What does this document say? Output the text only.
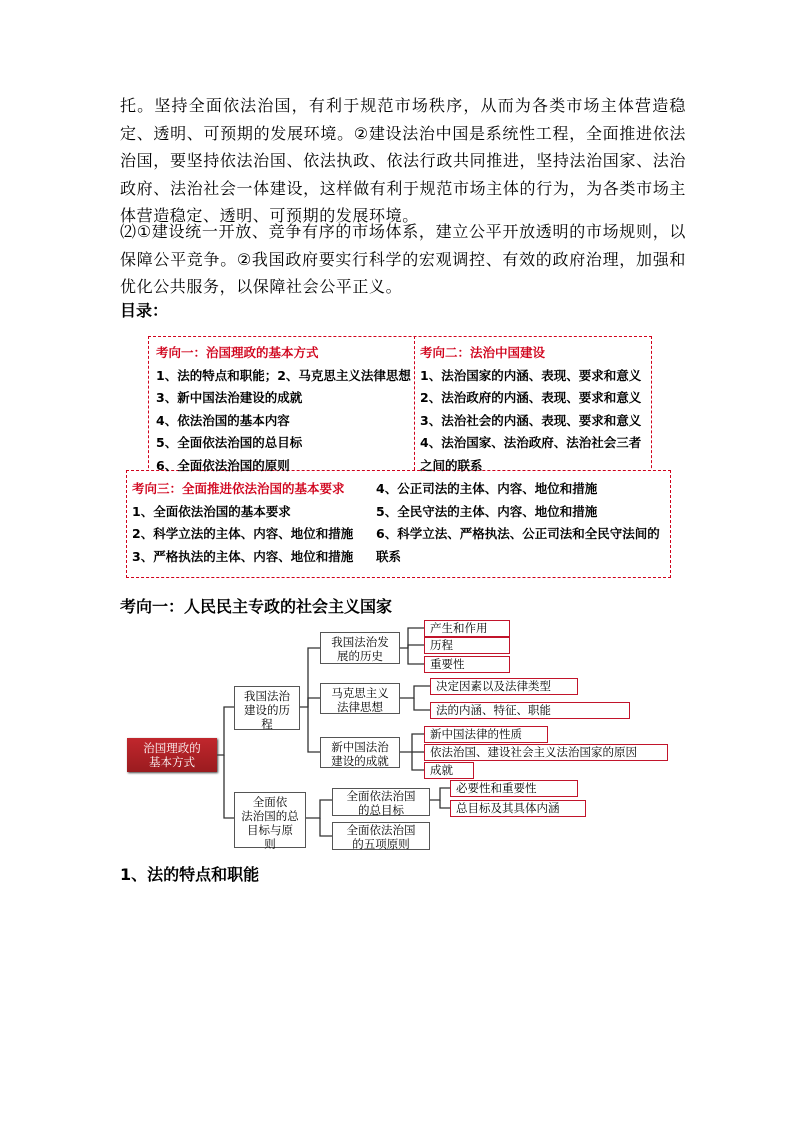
托。坚持全面依法治国，有利于规范市场秩序，从而为各类市场主体营造稳定、透明、可预期的发展环境。②建设法治中国是系统性工程，全面推进依法治国，要坚持依法治国、依法执政、依法行政共同推进，坚持法治国家、法治政府、法治社会一体建设，这样做有利于规范市场主体的行为，为各类市场主体营造稳定、透明、可预期的发展环境。

⑵①建设统一开放、竞争有序的市场体系，建立公平开放透明的市场规则，以保障公平竞争。②我国政府要实行科学的宏观调控、有效的政府治理，加强和优化公共服务，以保障社会公平正义。

目录：

考向一：治国理政的基本方式
1、法的特点和职能；2、马克思主义法律思想
3、新中国法治建设的成就
4、依法治国的基本内容
5、全面依法治国的总目标
6、全面依法治国的原则
考向二：法治中国建设
1、法治国家的内涵、表现、要求和意义
2、法治政府的内涵、表现、要求和意义
3、法治社会的内涵、表现、要求和意义
4、法治国家、法治政府、法治社会三者
之间的联系
考向三：全面推进依法治国的基本要求
1、全面依法治国的基本要求
2、科学立法的主体、内容、地位和措施
3、严格执法的主体、内容、地位和措施
4、公正司法的主体、内容、地位和措施
5、全民守法的主体、内容、地位和措施
6、科学立法、严格执法、公正司法和全民守法间的
联系

考向一：人民民主专政的社会主义国家

治国理政的
基本方式
我国法治
建设的历
程
全面依
法治国的总
目标与原
则
我国法治发
展的历史
马克思主义
法律思想
新中国法治
建设的成就
全面依法治国
的总目标
全面依法治国
的五项原则
产生和作用
历程
重要性
决定因素以及法律类型
法的内涵、特征、职能
新中国法律的性质
依法治国、建设社会主义法治国家的原因
成就
必要性和重要性
总目标及其具体内涵

1、法的特点和职能
